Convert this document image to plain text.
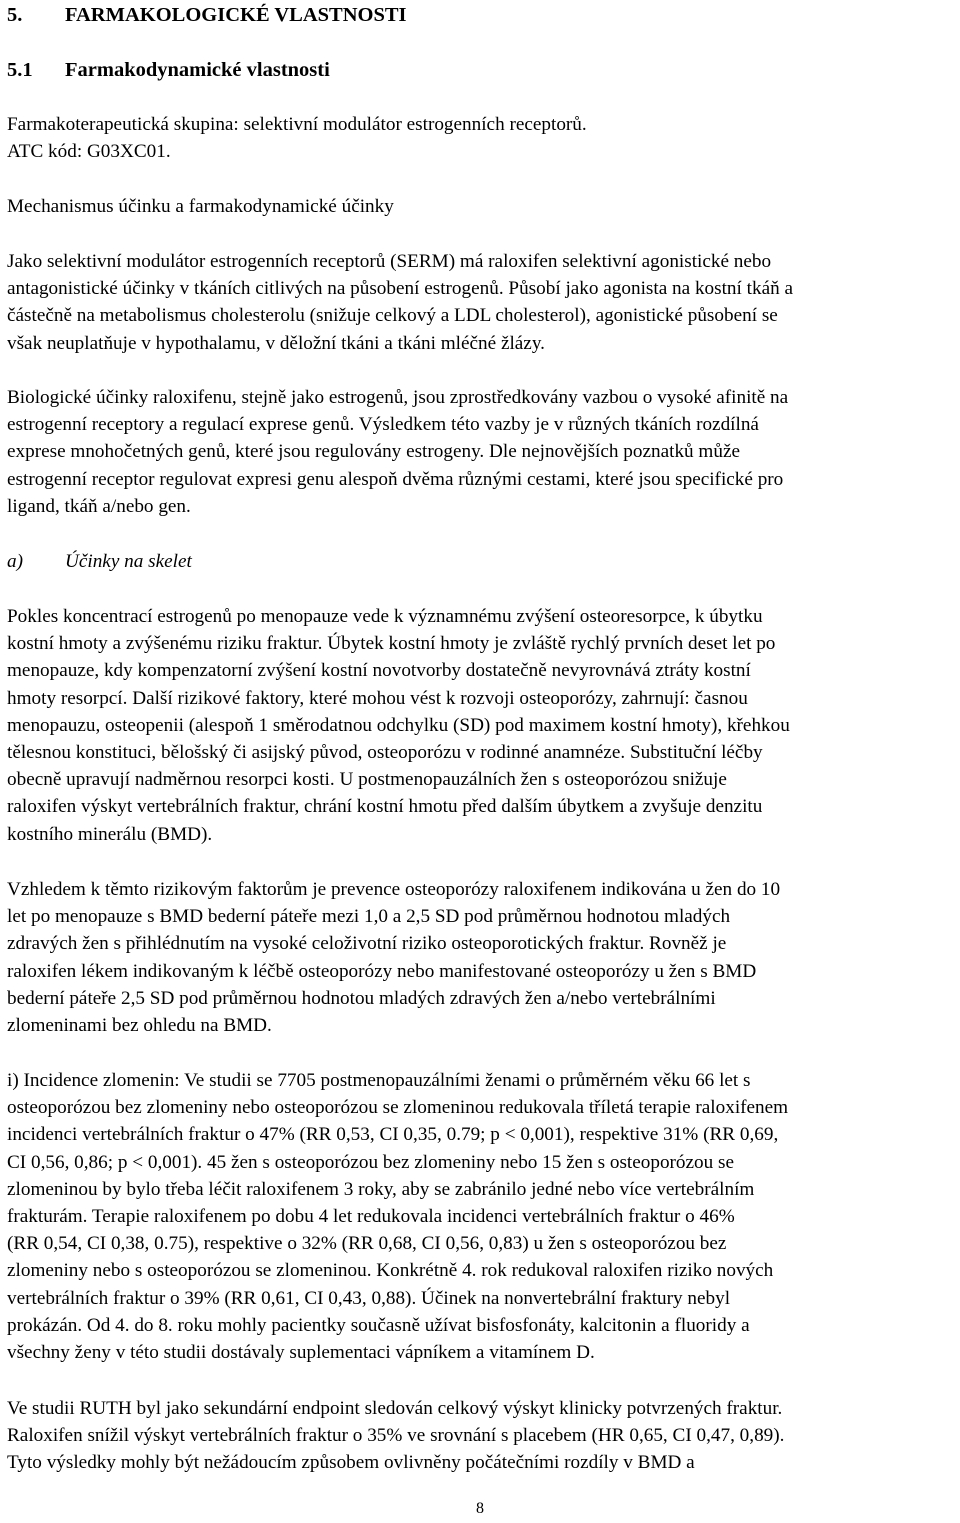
5. FARMAKOLOGICKÉ VLASTNOSTI
5.1 Farmakodynamické vlastnosti
Farmakoterapeutická skupina: selektivní modulátor estrogenních receptorů.
ATC kód: G03XC01.
Mechanismus účinku a farmakodynamické účinky
Jako selektivní modulátor estrogenních receptorů (SERM) má raloxifen selektivní agonistické nebo
antagonistické účinky v tkáních citlivých na působení estrogenů. Působí jako agonista na kostní tkáň a
částečně na metabolismus cholesterolu (snižuje celkový a LDL cholesterol), agonistické působení se
však neuplatňuje v hypothalamu, v děložní tkáni a tkáni mléčné žlázy.
Biologické účinky raloxifenu, stejně jako estrogenů, jsou zprostředkovány vazbou o vysoké afinitě na
estrogenní receptory a regulací exprese genů. Výsledkem této vazby je v různých tkáních rozdílná
exprese mnohočetných genů, které jsou regulovány estrogeny. Dle nejnovějších poznatků může
estrogenní receptor regulovat expresi genu alespoň dvěma různými cestami, které jsou specifické pro
ligand, tkáň a/nebo gen.
a) Účinky na skelet
Pokles koncentrací estrogenů po menopauze vede k významnému zvýšení osteoresorpce, k úbytku
kostní hmoty a zvýšenému riziku fraktur. Úbytek kostní hmoty je zvláště rychlý prvních deset let po
menopauze, kdy kompenzatorní zvýšení kostní novotvorby dostatečně nevyrovnává ztráty kostní
hmoty resorpcí. Další rizikové faktory, které mohou vést k rozvoji osteoporózy, zahrnují: časnou
menopauzu, osteopenii (alespoň 1 směrodatnou odchylku (SD) pod maximem kostní hmoty), křehkou
tělesnou konstituci, bělošský či asijský původ, osteoporózu v rodinné anamnéze. Substituční léčby
obecně upravují nadměrnou resorpci kosti. U postmenopauzálních žen s osteoporózou snižuje
raloxifen výskyt vertebrálních fraktur, chrání kostní hmotu před dalším úbytkem a zvyšuje denzitu
kostního minerálu (BMD).
Vzhledem k těmto rizikovým faktorům je prevence osteoporózy raloxifenem indikována u žen do 10
let po menopauze s BMD bederní páteře mezi 1,0 a 2,5 SD pod průměrnou hodnotou mladých
zdravých žen s přihlédnutím na vysoké celoživotní riziko osteoporotických fraktur. Rovněž je
raloxifen lékem indikovaným k léčbě osteoporózy nebo manifestované osteoporózy u žen s BMD
bederní páteře 2,5 SD pod průměrnou hodnotou mladých zdravých žen a/nebo vertebrálními
zlomeninami bez ohledu na BMD.
i) Incidence zlomenin: Ve studii se 7705 postmenopauzálními ženami o průměrném věku 66 let s
osteoporózou bez zlomeniny nebo osteoporózou se zlomeninou redukovala tříletá terapie raloxifenem
incidenci vertebrálních fraktur o 47% (RR 0,53, CI 0,35, 0.79; p < 0,001), respektive 31% (RR 0,69,
CI 0,56, 0,86; p < 0,001). 45 žen s osteoporózou bez zlomeniny nebo 15 žen s osteoporózou se
zlomeninou by bylo třeba léčit raloxifenem 3 roky, aby se zabránilo jedné nebo více vertebrálním
frakturám. Terapie raloxifenem po dobu 4 let redukovala incidenci vertebrálních fraktur o 46%
(RR 0,54, CI 0,38, 0.75), respektive o 32% (RR 0,68, CI 0,56, 0,83) u žen s osteoporózou bez
zlomeniny nebo s osteoporózou se zlomeninou. Konkrétně 4. rok redukoval raloxifen riziko nových
vertebrálních fraktur o 39% (RR 0,61, CI 0,43, 0,88). Účinek na nonvertebrální fraktury nebyl
prokázán. Od 4. do 8. roku mohly pacientky současně užívat bisfosfonáty, kalcitonin a fluoridy a
všechny ženy v této studii dostávaly suplementaci vápníkem a vitamínem D.
Ve studii RUTH byl jako sekundární endpoint sledován celkový výskyt klinicky potvrzených fraktur.
Raloxifen snížil výskyt vertebrálních fraktur o 35% ve srovnání s placebem (HR 0,65, CI 0,47, 0,89).
Tyto výsledky mohly být nežádoucím způsobem ovlivněny počátečními rozdíly v BMD a
8
